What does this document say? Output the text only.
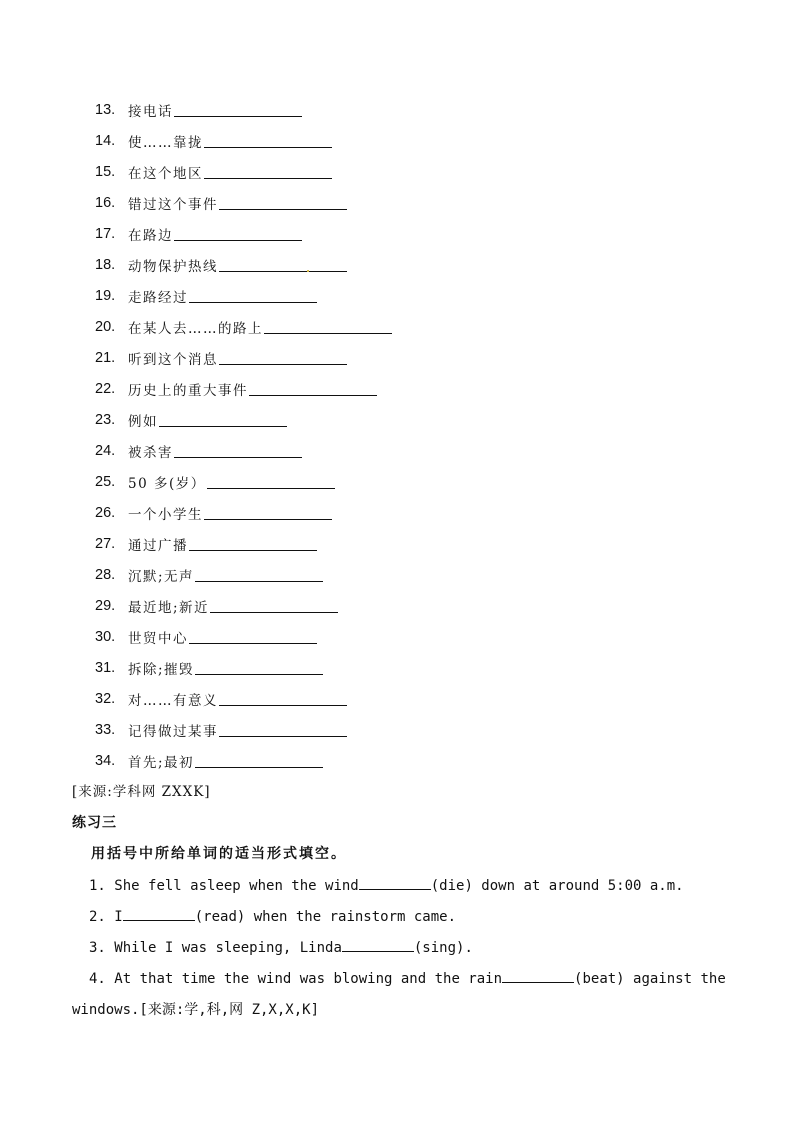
13. 接电话
14. 使……靠拢
15. 在这个地区
16. 错过这个事件
17. 在路边
18. 动物保护热线
19. 走路经过
20. 在某人去……的路上
21. 听到这个消息
22. 历史上的重大事件
23. 例如
24. 被杀害
25. 50 多(岁）
26. 一个小学生
27. 通过广播
28. 沉默;无声
29. 最近地;新近
30. 世贸中心
31. 拆除;摧毁
32. 对……有意义
33. 记得做过某事
34. 首先;最初
[来源:学科网 ZXXK]
练习三
用括号中所给单词的适当形式填空。
1. She fell asleep when the wind	(die) down at around 5:00 a.m.
2. I	(read) when the rainstorm came.
3. While I was sleeping, Linda	(sing).
4. At that time the wind was blowing and the rain	(beat) against the
windows.[来源:学,科,网 Z,X,X,K]
